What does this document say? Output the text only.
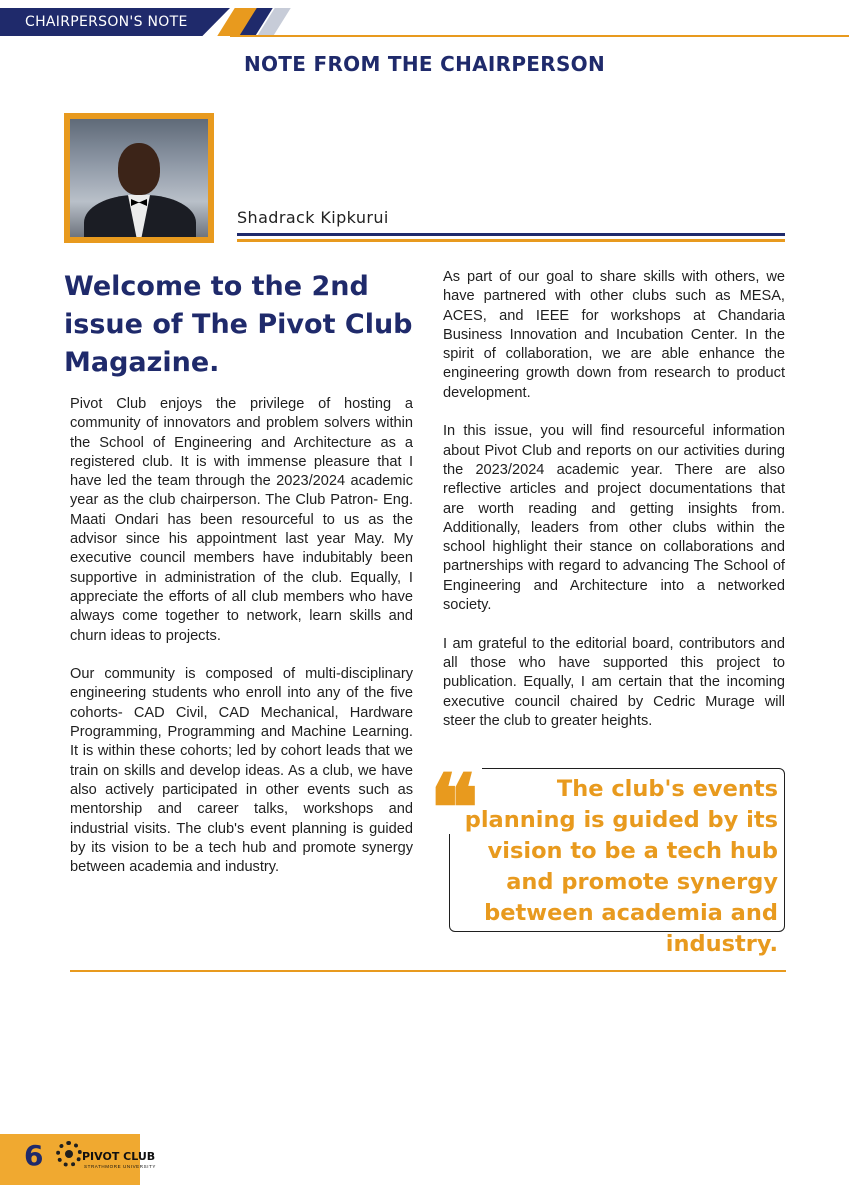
CHAIRPERSON'S NOTE
NOTE FROM THE CHAIRPERSON
Shadrack Kipkurui
Welcome to the 2nd issue of The Pivot Club Magazine.

Pivot Club enjoys the privilege of hosting a community of innovators and problem solvers within the School of Engineering and Architecture as a registered club. It is with immense pleasure that I have led the team through the 2023/2024 academic year as the club chairperson. The Club Patron- Eng. Maati Ondari has been resourceful to us as the advisor since his appointment last year May. My executive council members have indubitably been supportive in administration of the club. Equally, I appreciate the efforts of all club members who have always come together to network, learn skills and churn ideas to projects.

Our community is composed of multi-disciplinary engineering students who enroll into any of the five cohorts- CAD Civil, CAD Mechanical, Hardware Programming, Programming and Machine Learning. It is within these cohorts; led by cohort leads that we train on skills and develop ideas. As a club, we have also actively participated in other events such as mentorship and career talks, workshops and industrial visits. The club's event planning is guided by its vision to be a tech hub and promote synergy between academia and industry.

As part of our goal to share skills with others, we have partnered with other clubs such as MESA, ACES, and IEEE for workshops at Chandaria Business Innovation and Incubation Center. In the spirit of collaboration, we are able enhance the engineering growth down from research to product development.

In this issue, you will find resourceful information about Pivot Club and reports on our activities during the 2023/2024 academic year. There are also reflective articles and project documentations that are worth reading and getting insights from. Additionally, leaders from other clubs within the school highlight their stance on collaborations and partnerships with regard to advancing The School of Engineering and Architecture into a networked society.

I am grateful to the editorial board, contributors and all those who have supported this project to publication. Equally, I am certain that the incoming executive council chaired by Cedric Murage will steer the club to greater heights.

❝	The club's events planning is guided by its vision to be a tech hub and promote synergy between academia and industry.
6	PIVOT CLUB
STRATHMORE UNIVERSITY
